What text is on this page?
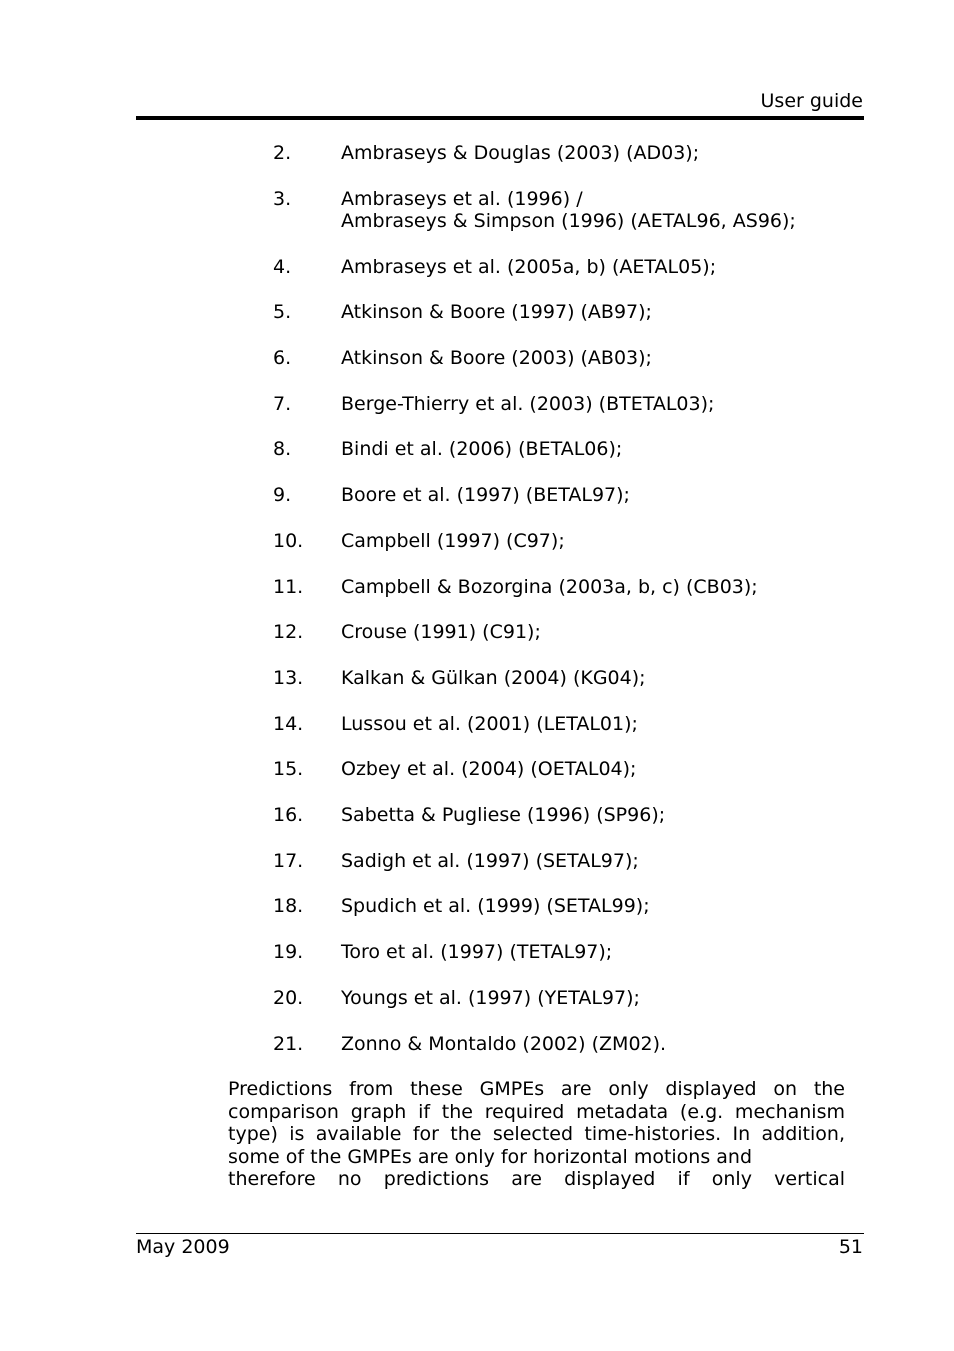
User guide
2.	Ambraseys & Douglas (2003) (AD03);
3.	Ambraseys et al. (1996) /
Ambraseys & Simpson (1996) (AETAL96, AS96);
4.	Ambraseys et al. (2005a, b) (AETAL05);
5.	Atkinson & Boore (1997) (AB97);
6.	Atkinson & Boore (2003) (AB03);
7.	Berge-Thierry et al. (2003) (BTETAL03);
8.	Bindi et al. (2006) (BETAL06);
9.	Boore et al. (1997) (BETAL97);
10. Campbell (1997) (C97);
11. Campbell & Bozorgina (2003a, b, c) (CB03);
12. Crouse (1991) (C91);
13. Kalkan & Gülkan (2004) (KG04);
14. Lussou et al. (2001) (LETAL01);
15. Ozbey et al. (2004) (OETAL04);
16. Sabetta & Pugliese (1996) (SP96);
17. Sadigh et al. (1997) (SETAL97);
18. Spudich et al. (1999) (SETAL99);
19. Toro et al. (1997) (TETAL97);
20. Youngs et al. (1997) (YETAL97);
21. Zonno & Montaldo (2002) (ZM02).

Predictions from these GMPEs are only displayed on the comparison graph if the required metadata (e.g. mechanism type) is available for the selected time-histories. In addition, some of the GMPEs are only for horizontal motions and
therefore no predictions are displayed if only vertical

May 2009	51
